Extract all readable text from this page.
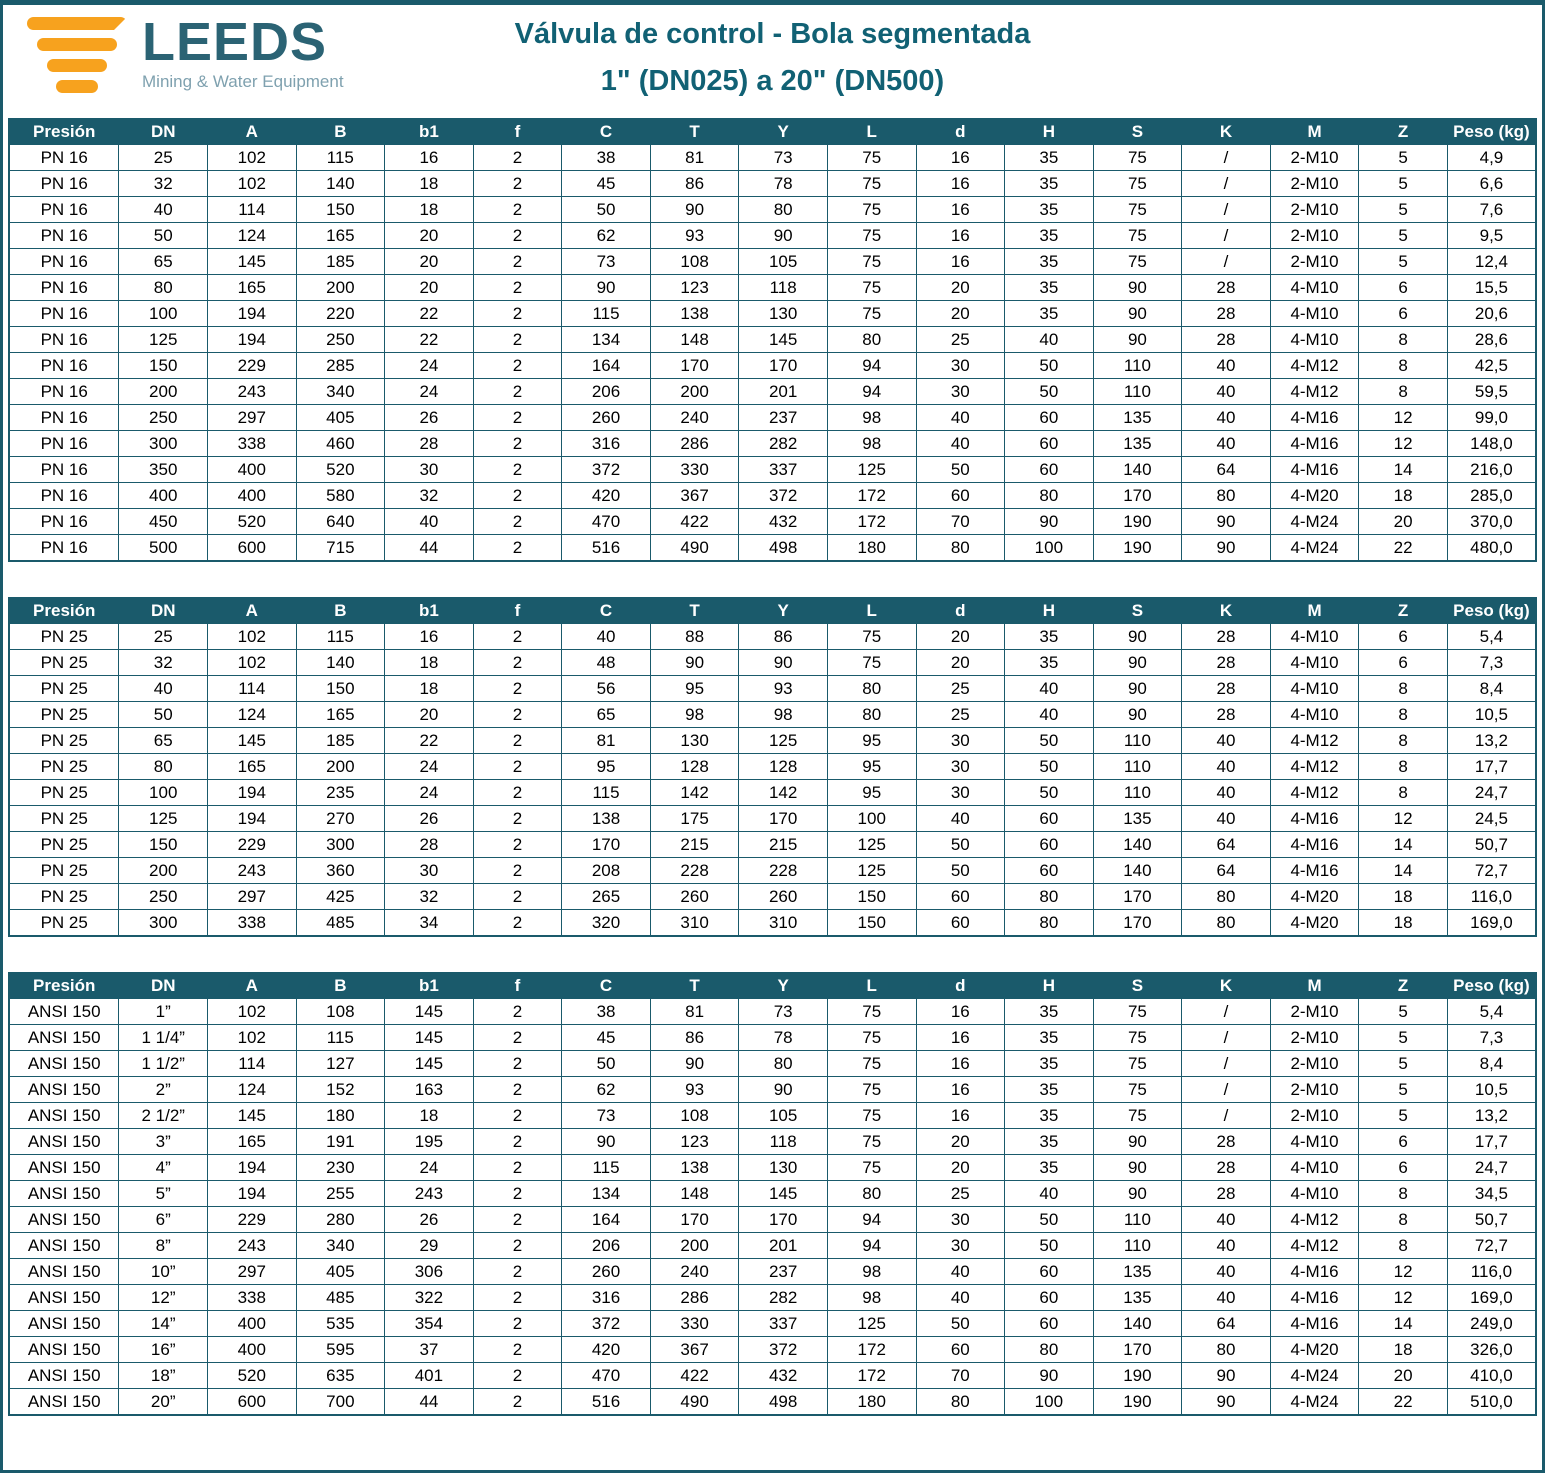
LEEDS
Mining & Water Equipment
Válvula de control - Bola segmentada
1" (DN025) a 20" (DN500)
Presión	DN	A	B	b1	f	C	T	Y	L	d	H	S	K	M	Z	Peso (kg)
PN 16	25	102	115	16	2	38	81	73	75	16	35	75	/	2-M10	5	4,9
PN 16	32	102	140	18	2	45	86	78	75	16	35	75	/	2-M10	5	6,6
PN 16	40	114	150	18	2	50	90	80	75	16	35	75	/	2-M10	5	7,6
PN 16	50	124	165	20	2	62	93	90	75	16	35	75	/	2-M10	5	9,5
PN 16	65	145	185	20	2	73	108	105	75	16	35	75	/	2-M10	5	12,4
PN 16	80	165	200	20	2	90	123	118	75	20	35	90	28	4-M10	6	15,5
PN 16	100	194	220	22	2	115	138	130	75	20	35	90	28	4-M10	6	20,6
PN 16	125	194	250	22	2	134	148	145	80	25	40	90	28	4-M10	8	28,6
PN 16	150	229	285	24	2	164	170	170	94	30	50	110	40	4-M12	8	42,5
PN 16	200	243	340	24	2	206	200	201	94	30	50	110	40	4-M12	8	59,5
PN 16	250	297	405	26	2	260	240	237	98	40	60	135	40	4-M16	12	99,0
PN 16	300	338	460	28	2	316	286	282	98	40	60	135	40	4-M16	12	148,0
PN 16	350	400	520	30	2	372	330	337	125	50	60	140	64	4-M16	14	216,0
PN 16	400	400	580	32	2	420	367	372	172	60	80	170	80	4-M20	18	285,0
PN 16	450	520	640	40	2	470	422	432	172	70	90	190	90	4-M24	20	370,0
PN 16	500	600	715	44	2	516	490	498	180	80	100	190	90	4-M24	22	480,0
Presión	DN	A	B	b1	f	C	T	Y	L	d	H	S	K	M	Z	Peso (kg)
PN 25	25	102	115	16	2	40	88	86	75	20	35	90	28	4-M10	6	5,4
PN 25	32	102	140	18	2	48	90	90	75	20	35	90	28	4-M10	6	7,3
PN 25	40	114	150	18	2	56	95	93	80	25	40	90	28	4-M10	8	8,4
PN 25	50	124	165	20	2	65	98	98	80	25	40	90	28	4-M10	8	10,5
PN 25	65	145	185	22	2	81	130	125	95	30	50	110	40	4-M12	8	13,2
PN 25	80	165	200	24	2	95	128	128	95	30	50	110	40	4-M12	8	17,7
PN 25	100	194	235	24	2	115	142	142	95	30	50	110	40	4-M12	8	24,7
PN 25	125	194	270	26	2	138	175	170	100	40	60	135	40	4-M16	12	24,5
PN 25	150	229	300	28	2	170	215	215	125	50	60	140	64	4-M16	14	50,7
PN 25	200	243	360	30	2	208	228	228	125	50	60	140	64	4-M16	14	72,7
PN 25	250	297	425	32	2	265	260	260	150	60	80	170	80	4-M20	18	116,0
PN 25	300	338	485	34	2	320	310	310	150	60	80	170	80	4-M20	18	169,0
Presión	DN	A	B	b1	f	C	T	Y	L	d	H	S	K	M	Z	Peso (kg)
ANSI 150	1”	102	108	145	2	38	81	73	75	16	35	75	/	2-M10	5	5,4
ANSI 150	1 1/4”	102	115	145	2	45	86	78	75	16	35	75	/	2-M10	5	7,3
ANSI 150	1 1/2”	114	127	145	2	50	90	80	75	16	35	75	/	2-M10	5	8,4
ANSI 150	2”	124	152	163	2	62	93	90	75	16	35	75	/	2-M10	5	10,5
ANSI 150	2 1/2”	145	180	18	2	73	108	105	75	16	35	75	/	2-M10	5	13,2
ANSI 150	3”	165	191	195	2	90	123	118	75	20	35	90	28	4-M10	6	17,7
ANSI 150	4”	194	230	24	2	115	138	130	75	20	35	90	28	4-M10	6	24,7
ANSI 150	5”	194	255	243	2	134	148	145	80	25	40	90	28	4-M10	8	34,5
ANSI 150	6”	229	280	26	2	164	170	170	94	30	50	110	40	4-M12	8	50,7
ANSI 150	8”	243	340	29	2	206	200	201	94	30	50	110	40	4-M12	8	72,7
ANSI 150	10”	297	405	306	2	260	240	237	98	40	60	135	40	4-M16	12	116,0
ANSI 150	12”	338	485	322	2	316	286	282	98	40	60	135	40	4-M16	12	169,0
ANSI 150	14”	400	535	354	2	372	330	337	125	50	60	140	64	4-M16	14	249,0
ANSI 150	16”	400	595	37	2	420	367	372	172	60	80	170	80	4-M20	18	326,0
ANSI 150	18”	520	635	401	2	470	422	432	172	70	90	190	90	4-M24	20	410,0
ANSI 150	20”	600	700	44	2	516	490	498	180	80	100	190	90	4-M24	22	510,0
